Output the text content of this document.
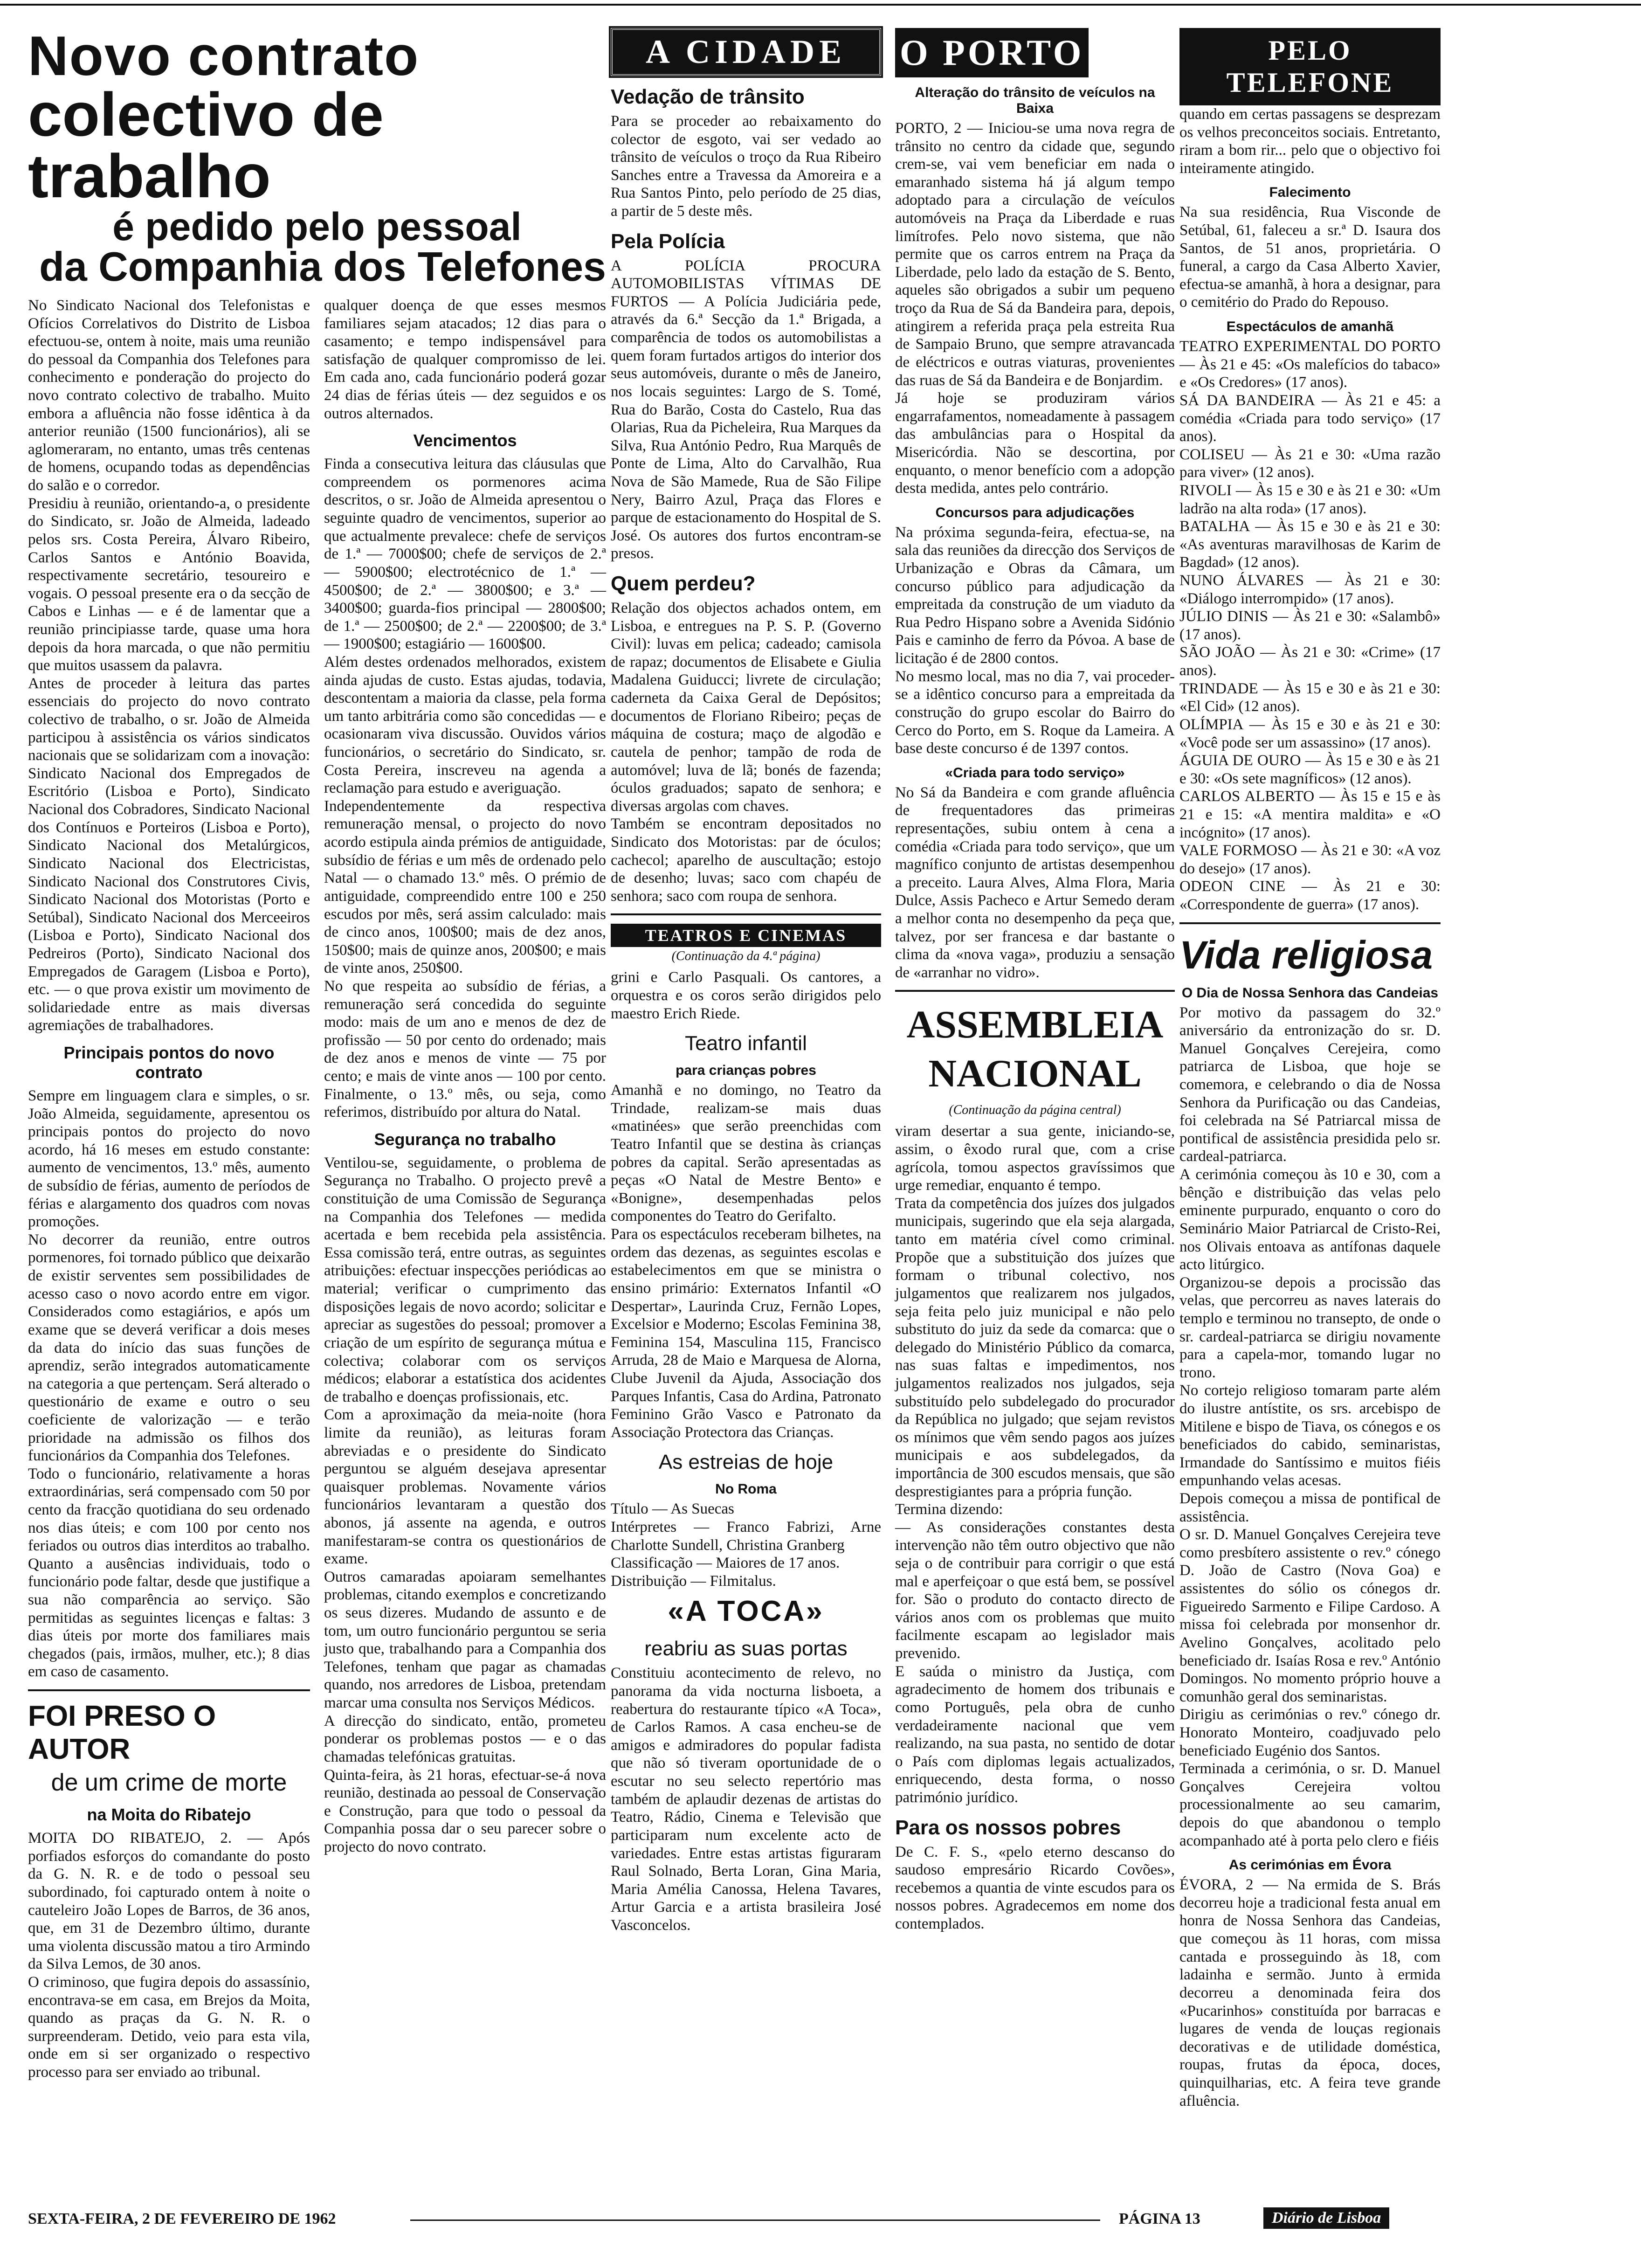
Novo contrato

colectivo de trabalho

é pedido pelo pessoal

da Companhia dos Telefones

No Sindicato Nacional dos Telefonistas e Ofícios Correlativos do Distrito de Lisboa efectuou-se, ontem à noite, mais uma reunião do pessoal da Companhia dos Telefones para conhecimento e ponderação do projecto do novo contrato colectivo de trabalho. Muito embora a afluência não fosse idêntica à da anterior reunião (1500 funcionários), ali se aglomeraram, no entanto, umas três centenas de homens, ocupando todas as dependências do salão e o corredor.

Presidiu à reunião, orientando-a, o presidente do Sindicato, sr. João de Almeida, ladeado pelos srs. Costa Pereira, Álvaro Ribeiro, Carlos Santos e António Boavida, respectivamente secretário, tesoureiro e vogais. O pessoal presente era o da secção de Cabos e Linhas — e é de lamentar que a reunião principiasse tarde, quase uma hora depois da hora marcada, o que não permitiu que muitos usassem da palavra.

Antes de proceder à leitura das partes essenciais do projecto do novo contrato colectivo de trabalho, o sr. João de Almeida participou à assistência os vários sindicatos nacionais que se solidarizam com a inovação: Sindicato Nacional dos Empregados de Escritório (Lisboa e Porto), Sindicato Nacional dos Cobradores, Sindicato Nacional dos Contínuos e Porteiros (Lisboa e Porto), Sindicato Nacional dos Metalúrgicos, Sindicato Nacional dos Electricistas, Sindicato Nacional dos Construtores Civis, Sindicato Nacional dos Motoristas (Porto e Setúbal), Sindicato Nacional dos Merceeiros (Lisboa e Porto), Sindicato Nacional dos Pedreiros (Porto), Sindicato Nacional dos Empregados de Garagem (Lisboa e Porto), etc. — o que prova existir um movimento de solidariedade entre as mais diversas agremiações de trabalhadores.

Principais pontos do novo contrato

Sempre em linguagem clara e simples, o sr. João Almeida, seguidamente, apresentou os principais pontos do projecto do novo acordo, há 16 meses em estudo constante: aumento de vencimentos, 13.º mês, aumento de subsídio de férias, aumento de períodos de férias e alargamento dos quadros com novas promoções.

No decorrer da reunião, entre outros pormenores, foi tornado público que deixarão de existir serventes sem possibilidades de acesso caso o novo acordo entre em vigor. Considerados como estagiários, e após um exame que se deverá verificar a dois meses da data do início das suas funções de aprendiz, serão integrados automaticamente na categoria a que pertençam. Será alterado o questionário de exame e outro o seu coeficiente de valorização — e terão prioridade na admissão os filhos dos funcionários da Companhia dos Telefones.

Todo o funcionário, relativamente a horas extraordinárias, será compensado com 50 por cento da fracção quotidiana do seu ordenado nos dias úteis; e com 100 por cento nos feriados ou outros dias interditos ao trabalho. Quanto a ausências individuais, todo o funcionário pode faltar, desde que justifique a sua não comparência ao serviço. São permitidas as seguintes licenças e faltas: 3 dias úteis por morte dos familiares mais chegados (pais, irmãos, mulher, etc.); 8 dias em caso de casamento.

FOI PRESO O AUTOR

de um crime de morte

na Moita do Ribatejo

MOITA DO RIBATEJO, 2. — Após porfiados esforços do comandante do posto da G. N. R. e de todo o pessoal seu subordinado, foi capturado ontem à noite o cauteleiro João Lopes de Barros, de 36 anos, que, em 31 de Dezembro último, durante uma violenta discussão matou a tiro Armindo da Silva Lemos, de 30 anos.

O criminoso, que fugira depois do assassínio, encontrava-se em casa, em Brejos da Moita, quando as praças da G. N. R. o surpreenderam. Detido, veio para esta vila, onde em si ser organizado o respectivo processo para ser enviado ao tribunal.

qualquer doença de que esses mesmos familiares sejam atacados; 12 dias para o casamento; e tempo indispensável para satisfação de qualquer compromisso de lei. Em cada ano, cada funcionário poderá gozar 24 dias de férias úteis — dez seguidos e os outros alternados.

Vencimentos

Finda a consecutiva leitura das cláusulas que compreendem os pormenores acima descritos, o sr. João de Almeida apresentou o seguinte quadro de vencimentos, superior ao que actualmente prevalece: chefe de serviços de 1.ª — 7000$00; chefe de serviços de 2.ª — 5900$00; electrotécnico de 1.ª — 4500$00; de 2.ª — 3800$00; e 3.ª — 3400$00; guarda-fios principal — 2800$00; de 1.ª — 2500$00; de 2.ª — 2200$00; de 3.ª — 1900$00; estagiário — 1600$00.

Além destes ordenados melhorados, existem ainda ajudas de custo. Estas ajudas, todavia, descontentam a maioria da classe, pela forma um tanto arbitrária como são concedidas — e ocasionaram viva discussão. Ouvidos vários funcionários, o secretário do Sindicato, sr. Costa Pereira, inscreveu na agenda a reclamação para estudo e averiguação.

Independentemente da respectiva remuneração mensal, o projecto do novo acordo estipula ainda prémios de antiguidade, subsídio de férias e um mês de ordenado pelo Natal — o chamado 13.º mês. O prémio de antiguidade, compreendido entre 100 e 250 escudos por mês, será assim calculado: mais de cinco anos, 100$00; mais de dez anos, 150$00; mais de quinze anos, 200$00; e mais de vinte anos, 250$00.

No que respeita ao subsídio de férias, a remuneração será concedida do seguinte modo: mais de um ano e menos de dez de profissão — 50 por cento do ordenado; mais de dez anos e menos de vinte — 75 por cento; e mais de vinte anos — 100 por cento. Finalmente, o 13.º mês, ou seja, como referimos, distribuído por altura do Natal.

Segurança no trabalho

Ventilou-se, seguidamente, o problema de Segurança no Trabalho. O projecto prevê a constituição de uma Comissão de Segurança na Companhia dos Telefones — medida acertada e bem recebida pela assistência. Essa comissão terá, entre outras, as seguintes atribuições: efectuar inspecções periódicas ao material; verificar o cumprimento das disposições legais de novo acordo; solicitar e apreciar as sugestões do pessoal; promover a criação de um espírito de segurança mútua e colectiva; colaborar com os serviços médicos; elaborar a estatística dos acidentes de trabalho e doenças profissionais, etc.

Com a aproximação da meia-noite (hora limite da reunião), as leituras foram abreviadas e o presidente do Sindicato perguntou se alguém desejava apresentar quaisquer problemas. Novamente vários funcionários levantaram a questão dos abonos, já assente na agenda, e outros manifestaram-se contra os questionários de exame.

Outros camaradas apoiaram semelhantes problemas, citando exemplos e concretizando os seus dizeres. Mudando de assunto e de tom, um outro funcionário perguntou se seria justo que, trabalhando para a Companhia dos Telefones, tenham que pagar as chamadas quando, nos arredores de Lisboa, pretendam marcar uma consulta nos Serviços Médicos.

A direcção do sindicato, então, prometeu ponderar os problemas postos — e o das chamadas telefónicas gratuitas.

Quinta-feira, às 21 horas, efectuar-se-á nova reunião, destinada ao pessoal de Conservação e Construção, para que todo o pessoal da Companhia possa dar o seu parecer sobre o projecto do novo contrato.

A CIDADE

Vedação de trânsito

Para se proceder ao rebaixamento do colector de esgoto, vai ser vedado ao trânsito de veículos o troço da Rua Ribeiro Sanches entre a Travessa da Amoreira e a Rua Santos Pinto, pelo período de 25 dias, a partir de 5 deste mês.

Pela Polícia

A POLÍCIA PROCURA AUTOMOBILISTAS VÍTIMAS DE FURTOS — A Polícia Judiciária pede, através da 6.ª Secção da 1.ª Brigada, a comparência de todos os automobilistas a quem foram furtados artigos do interior dos seus automóveis, durante o mês de Janeiro, nos locais seguintes: Largo de S. Tomé, Rua do Barão, Costa do Castelo, Rua das Olarias, Rua da Picheleira, Rua Marques da Silva, Rua António Pedro, Rua Marquês de Ponte de Lima, Alto do Carvalhão, Rua Nova de São Mamede, Rua de São Filipe Nery, Bairro Azul, Praça das Flores e parque de estacionamento do Hospital de S. José. Os autores dos furtos encontram-se presos.

Quem perdeu?

Relação dos objectos achados ontem, em Lisboa, e entregues na P. S. P. (Governo Civil): luvas em pelica; cadeado; camisola de rapaz; documentos de Elisabete e Giulia Madalena Guiducci; livrete de circulação; caderneta da Caixa Geral de Depósitos; documentos de Floriano Ribeiro; peças de máquina de costura; maço de algodão e cautela de penhor; tampão de roda de automóvel; luva de lã; bonés de fazenda; óculos graduados; sapato de senhora; e diversas argolas com chaves.

Também se encontram depositados no Sindicato dos Motoristas: par de óculos; cachecol; aparelho de auscultação; estojo de desenho; luvas; saco com chapéu de senhora; saco com roupa de senhora.

TEATROS E CINEMAS

(Continuação da 4.ª página)

grini e Carlo Pasquali. Os cantores, a orquestra e os coros serão dirigidos pelo maestro Erich Riede.

Teatro infantil

para crianças pobres

Amanhã e no domingo, no Teatro da Trindade, realizam-se mais duas «matinées» que serão preenchidas com Teatro Infantil que se destina às crianças pobres da capital. Serão apresentadas as peças «O Natal de Mestre Bento» e «Bonigne», desempenhadas pelos componentes do Teatro do Gerifalto.

Para os espectáculos receberam bilhetes, na ordem das dezenas, as seguintes escolas e estabelecimentos em que se ministra o ensino primário: Externatos Infantil «O Despertar», Laurinda Cruz, Fernão Lopes, Excelsior e Moderno; Escolas Feminina 38, Feminina 154, Masculina 115, Francisco Arruda, 28 de Maio e Marquesa de Alorna, Clube Juvenil da Ajuda, Associação dos Parques Infantis, Casa do Ardina, Patronato Feminino Grão Vasco e Patronato da Associação Protectora das Crianças.

As estreias de hoje

No Roma

Título — As Suecas

Intérpretes — Franco Fabrizi, Arne Charlotte Sundell, Christina Granberg

Classificação — Maiores de 17 anos.

Distribuição — Filmitalus.

«A TOCA»

reabriu as suas portas

Constituiu acontecimento de relevo, no panorama da vida nocturna lisboeta, a reabertura do restaurante típico «A Toca», de Carlos Ramos. A casa encheu-se de amigos e admiradores do popular fadista que não só tiveram oportunidade de o escutar no seu selecto repertório mas também de aplaudir dezenas de artistas do Teatro, Rádio, Cinema e Televisão que participaram num excelente acto de variedades. Entre estas artistas figuraram Raul Solnado, Berta Loran, Gina Maria, Maria Amélia Canossa, Helena Tavares, Artur Garcia e a artista brasileira José Vasconcelos.

O PORTO

Alteração do trânsito de veículos na Baixa

PORTO, 2 — Iniciou-se uma nova regra de trânsito no centro da cidade que, segundo crem-se, vai vem beneficiar em nada o emaranhado sistema há já algum tempo adoptado para a circulação de veículos automóveis na Praça da Liberdade e ruas limítrofes. Pelo novo sistema, que não permite que os carros entrem na Praça da Liberdade, pelo lado da estação de S. Bento, aqueles são obrigados a subir um pequeno troço da Rua de Sá da Bandeira para, depois, atingirem a referida praça pela estreita Rua de Sampaio Bruno, que sempre atravancada de eléctricos e outras viaturas, provenientes das ruas de Sá da Bandeira e de Bonjardim.

Já hoje se produziram vários engarrafamentos, nomeadamente à passagem das ambulâncias para o Hospital da Misericórdia. Não se descortina, por enquanto, o menor benefício com a adopção desta medida, antes pelo contrário.

Concursos para adjudicações

Na próxima segunda-feira, efectua-se, na sala das reuniões da direcção dos Serviços de Urbanização e Obras da Câmara, um concurso público para adjudicação da empreitada da construção de um viaduto da Rua Pedro Hispano sobre a Avenida Sidónio Pais e caminho de ferro da Póvoa. A base de licitação é de 2800 contos.

No mesmo local, mas no dia 7, vai proceder-se a idêntico concurso para a empreitada da construção do grupo escolar do Bairro do Cerco do Porto, em S. Roque da Lameira. A base deste concurso é de 1397 contos.

«Criada para todo serviço»

No Sá da Bandeira e com grande afluência de frequentadores das primeiras representações, subiu ontem à cena a comédia «Criada para todo serviço», que um magnífico conjunto de artistas desempenhou a preceito. Laura Alves, Alma Flora, Maria Dulce, Assis Pacheco e Artur Semedo deram a melhor conta no desempenho da peça que, talvez, por ser francesa e dar bastante o clima da «nova vaga», produziu a sensação de «arranhar no vidro».

ASSEMBLEIA
NACIONAL

(Continuação da página central)

viram desertar a sua gente, iniciando-se, assim, o êxodo rural que, com a crise agrícola, tomou aspectos gravíssimos que urge remediar, enquanto é tempo.

Trata da competência dos juízes dos julgados municipais, sugerindo que ela seja alargada, tanto em matéria cível como criminal. Propõe que a substituição dos juízes que formam o tribunal colectivo, nos julgamentos que realizarem nos julgados, seja feita pelo juiz municipal e não pelo substituto do juiz da sede da comarca: que o delegado do Ministério Público da comarca, nas suas faltas e impedimentos, nos julgamentos realizados nos julgados, seja substituído pelo subdelegado do procurador da República no julgado; que sejam revistos os mínimos que vêm sendo pagos aos juízes municipais e aos subdelegados, da importância de 300 escudos mensais, que são desprestigiantes para a própria função.

Termina dizendo:

— As considerações constantes desta intervenção não têm outro objectivo que não seja o de contribuir para corrigir o que está mal e aperfeiçoar o que está bem, se possível for. São o produto do contacto directo de vários anos com os problemas que muito facilmente escapam ao legislador mais prevenido.

E saúda o ministro da Justiça, com agradecimento de homem dos tribunais e como Português, pela obra de cunho verdadeiramente nacional que vem realizando, na sua pasta, no sentido de dotar o País com diplomas legais actualizados, enriquecendo, desta forma, o nosso património jurídico.

Para os nossos pobres

De C. F. S., «pelo eterno descanso do saudoso empresário Ricardo Covões», recebemos a quantia de vinte escudos para os nossos pobres. Agradecemos em nome dos contemplados.

PELO TELEFONE

quando em certas passagens se desprezam os velhos preconceitos sociais. Entretanto, riram a bom rir... pelo que o objectivo foi inteiramente atingido.

Falecimento

Na sua residência, Rua Visconde de Setúbal, 61, faleceu a sr.ª D. Isaura dos Santos, de 51 anos, proprietária. O funeral, a cargo da Casa Alberto Xavier, efectua-se amanhã, à hora a designar, para o cemitério do Prado do Repouso.

Espectáculos de amanhã

TEATRO EXPERIMENTAL DO PORTO — Às 21 e 45: «Os malefícios do tabaco» e «Os Credores» (17 anos).

SÁ DA BANDEIRA — Às 21 e 45: a comédia «Criada para todo serviço» (17 anos).

COLISEU — Às 21 e 30: «Uma razão para viver» (12 anos).

RIVOLI — Às 15 e 30 e às 21 e 30: «Um ladrão na alta roda» (17 anos).

BATALHA — Às 15 e 30 e às 21 e 30: «As aventuras maravilhosas de Karim de Bagdad» (12 anos).

NUNO ÁLVARES — Às 21 e 30: «Diálogo interrompido» (17 anos).

JÚLIO DINIS — Às 21 e 30: «Salambô» (17 anos).

SÃO JOÃO — Às 21 e 30: «Crime» (17 anos).

TRINDADE — Às 15 e 30 e às 21 e 30: «El Cid» (12 anos).

OLÍMPIA — Às 15 e 30 e às 21 e 30: «Você pode ser um assassino» (17 anos).

ÁGUIA DE OURO — Às 15 e 30 e às 21 e 30: «Os sete magníficos» (12 anos).

CARLOS ALBERTO — Às 15 e 15 e às 21 e 15: «A mentira maldita» e «O incógnito» (17 anos).

VALE FORMOSO — Às 21 e 30: «A voz do desejo» (17 anos).

ODEON CINE — Às 21 e 30: «Correspondente de guerra» (17 anos).

Vida religiosa

O Dia de Nossa Senhora das Candeias

Por motivo da passagem do 32.º aniversário da entronização do sr. D. Manuel Gonçalves Cerejeira, como patriarca de Lisboa, que hoje se comemora, e celebrando o dia de Nossa Senhora da Purificação ou das Candeias, foi celebrada na Sé Patriarcal missa de pontifical de assistência presidida pelo sr. cardeal-patriarca.

A cerimónia começou às 10 e 30, com a bênção e distribuição das velas pelo eminente purpurado, enquanto o coro do Seminário Maior Patriarcal de Cristo-Rei, nos Olivais entoava as antífonas daquele acto litúrgico.

Organizou-se depois a procissão das velas, que percorreu as naves laterais do templo e terminou no transepto, de onde o sr. cardeal-patriarca se dirigiu novamente para a capela-mor, tomando lugar no trono.

No cortejo religioso tomaram parte além do ilustre antístite, os srs. arcebispo de Mitilene e bispo de Tiava, os cónegos e os beneficiados do cabido, seminaristas, Irmandade do Santíssimo e muitos fiéis empunhando velas acesas.

Depois começou a missa de pontifical de assistência.

O sr. D. Manuel Gonçalves Cerejeira teve como presbítero assistente o rev.º cónego D. João de Castro (Nova Goa) e assistentes do sólio os cónegos dr. Figueiredo Sarmento e Filipe Cardoso. A missa foi celebrada por monsenhor dr. Avelino Gonçalves, acolitado pelo beneficiado dr. Isaías Rosa e rev.º António Domingos. No momento próprio houve a comunhão geral dos seminaristas.

Dirigiu as cerimónias o rev.º cónego dr. Honorato Monteiro, coadjuvado pelo beneficiado Eugénio dos Santos.

Terminada a cerimónia, o sr. D. Manuel Gonçalves Cerejeira voltou processionalmente ao seu camarim, depois do que abandonou o templo acompanhado até à porta pelo clero e fiéis

As cerimónias em Évora

ÉVORA, 2 — Na ermida de S. Brás decorreu hoje a tradicional festa anual em honra de Nossa Senhora das Candeias, que começou às 11 horas, com missa cantada e prosseguindo às 18, com ladainha e sermão. Junto à ermida decorreu a denominada feira dos «Pucarinhos» constituída por barracas e lugares de venda de louças regionais decorativas e de utilidade doméstica, roupas, frutas da época, doces, quinquilharias, etc. A feira teve grande afluência.

SEXTA-FEIRA, 2 DE FEVEREIRO DE 1962	PÁGINA 13	Diário de Lisboa
